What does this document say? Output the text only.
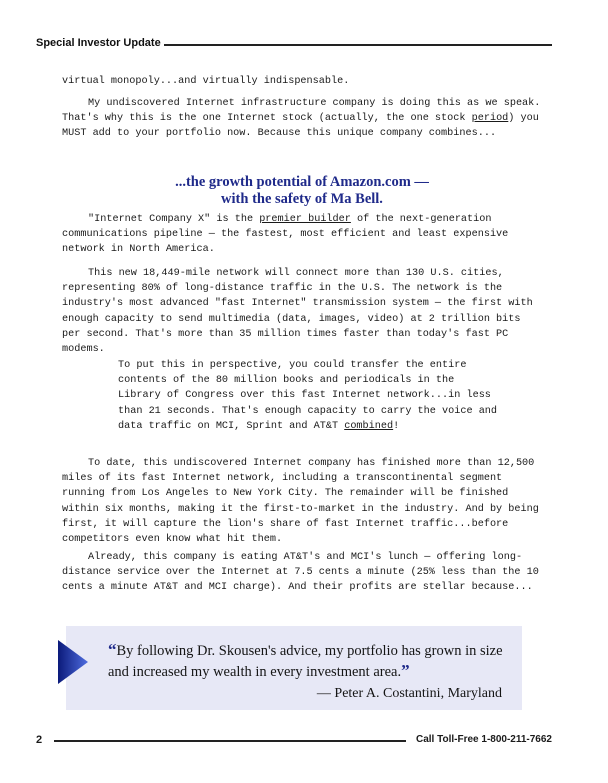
Special Investor Update

virtual monopoly...and virtually indispensable.

My undiscovered Internet infrastructure company is doing this as we speak. That's why this is the one Internet stock (actually, the one stock period) you MUST add to your portfolio now. Because this unique company combines...

...the growth potential of Amazon.com —
with the safety of Ma Bell.

"Internet Company X" is the premier builder of the next-generation communications pipeline — the fastest, most efficient and least expensive network in North America.

This new 18,449-mile network will connect more than 130 U.S. cities, representing 80% of long-distance traffic in the U.S. The network is the industry's most advanced "fast Internet" transmission system — the first with enough capacity to send multimedia (data, images, video) at 2 trillion bits per second. That's more than 35 million times faster than today's fast PC modems.

To put this in perspective, you could transfer the entire contents of the 80 million books and periodicals in the Library of Congress over this fast Internet network...in less than 21 seconds. That's enough capacity to carry the voice and data traffic on MCI, Sprint and AT&T combined!

To date, this undiscovered Internet company has finished more than 12,500 miles of its fast Internet network, including a transcontinental segment running from Los Angeles to New York City. The remainder will be finished within six months, making it the first-to-market in the industry. And by being first, it will capture the lion's share of fast Internet traffic...before competitors even know what hit them.

Already, this company is eating AT&T's and MCI's lunch — offering long-distance service over the Internet at 7.5 cents a minute (25% less than the 10 cents a minute AT&T and MCI charge). And their profits are stellar because...

“By following Dr. Skousen's advice, my portfolio has grown in size and increased my wealth in every investment area.”
— Peter A. Costantini, Maryland
2	Call Toll-Free 1-800-211-7662
